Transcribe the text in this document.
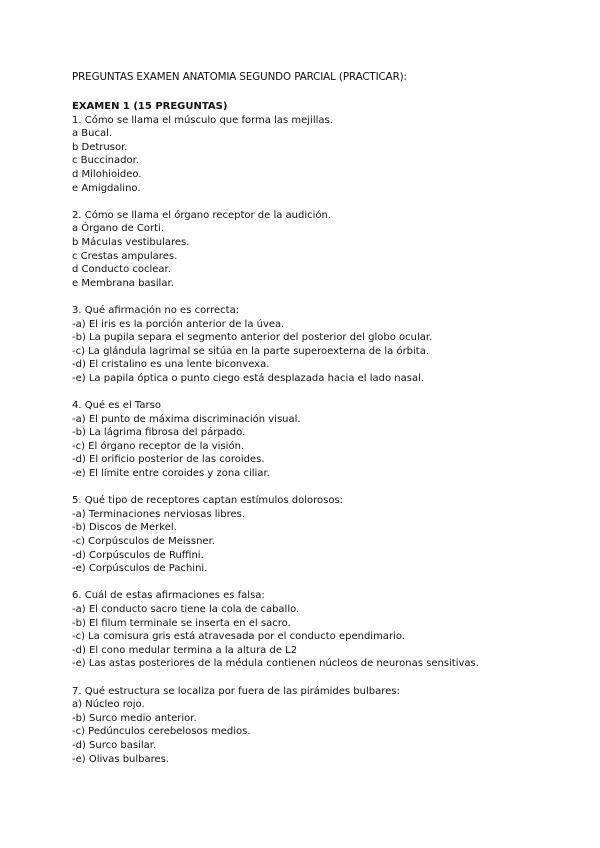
PREGUNTAS EXAMEN ANATOMIA SEGUNDO PARCIAL (PRACTICAR):

EXAMEN 1 (15 PREGUNTAS)

1. Cómo se llama el músculo que forma las mejillas.

a Bucal.
b Detrusor.
c Buccinador.
d Milohioideo.
e Amigdalino.

2. Cómo se llama el órgano receptor de la audición.

a Órgano de Corti.
b Máculas vestibulares.
c Crestas ampulares.
d Conducto coclear.
e Membrana basilar.

3. Qué afirmación no es correcta:

-a) El iris es la porción anterior de la úvea.
-b) La pupila separa el segmento anterior del posterior del globo ocular.
-c) La glándula lagrimal se sitúa en la parte superoexterna de la órbita.
-d) El cristalino es una lente biconvexa.
-e) La papila óptica o punto ciego está desplazada hacia el lado nasal.

4. Qué es el Tarso

-a) El punto de máxima discriminación visual.
-b) La lágrima fibrosa del párpado.
-c) El órgano receptor de la visión.
-d) El orificio posterior de las coroides.
-e) El límite entre coroides y zona ciliar.

5. Qué tipo de receptores captan estímulos dolorosos:

-a) Terminaciones nerviosas libres.
-b) Discos de Merkel.
-c) Corpúsculos de Meissner.
-d) Corpúsculos de Ruffini.
-e) Corpúsculos de Pachini.

6. Cuál de estas afirmaciones es falsa:

-a) El conducto sacro tiene la cola de caballo.
-b) El filum terminale se inserta en el sacro.
-c) La comisura gris está atravesada por el conducto ependimario.
-d) El cono medular termina a la altura de L2
-e) Las astas posteriores de la médula contienen núcleos de neuronas sensitivas.

7. Qué estructura se localiza por fuera de las pirámides bulbares:

a) Núcleo rojo.
-b) Surco medio anterior.
-c) Pedúnculos cerebelosos medios.
-d) Surco basilar.
-e) Olivas bulbares.
